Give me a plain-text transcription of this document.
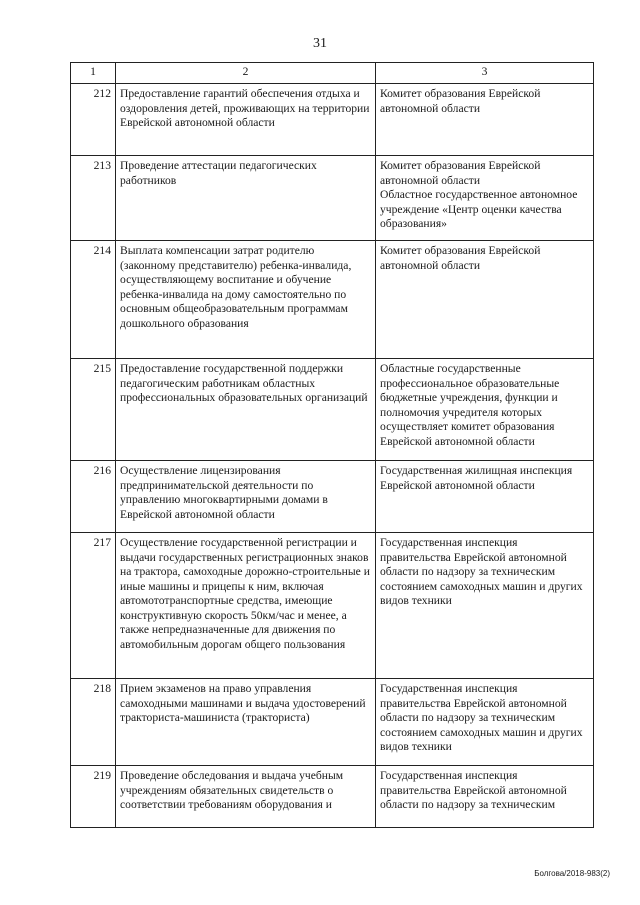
31
1	2	3
212	Предоставление гарантий обеспечения отдыха и оздоровления детей, проживающих на территории Еврейской автономной области	Комитет образования Еврейской автономной области
213	Проведение аттестации педагогических работников	Комитет образования Еврейской автономной области
Областное государственное автономное учреждение «Центр оценки качества образования»
214	Выплата компенсации затрат родителю (законному представителю) ребенка-инвалида, осуществляющему воспитание и обучение ребенка-инвалида на дому самостоятельно по основным общеобразовательным программам дошкольного образования	Комитет образования Еврейской автономной области
215	Предоставление государственной поддержки педагогическим работникам областных профессиональных образовательных организаций	Областные государственные профессиональное образовательные бюджетные учреждения, функции и полномочия учредителя которых осуществляет комитет образования Еврейской автономной области
216	Осуществление лицензирования предпринимательской деятельности по управлению многоквартирными домами в Еврейской автономной области	Государственная жилищная инспекция Еврейской автономной области
217	Осуществление государственной регистрации и выдачи государственных регистрационных знаков на трактора, самоходные дорожно-строительные и иные машины и прицепы к ним, включая автомототранспортные средства, имеющие конструктивную скорость 50км/час и менее, а также непредназначенные для движения по автомобильным дорогам общего пользования	Государственная инспекция правительства Еврейской автономной области по надзору за техническим состоянием самоходных машин и других видов техники
218	Прием экзаменов на право управления самоходными машинами и выдача удостоверений тракториста-машиниста (тракториста)	Государственная инспекция правительства Еврейской автономной области по надзору за техническим состоянием самоходных машин и других видов техники
219	Проведение обследования и выдача учебным учреждениям обязательных свидетельств о соответствии требованиям оборудования и	Государственная инспекция правительства Еврейской автономной области по надзору за техническим
Болгова/2018-983(2)
